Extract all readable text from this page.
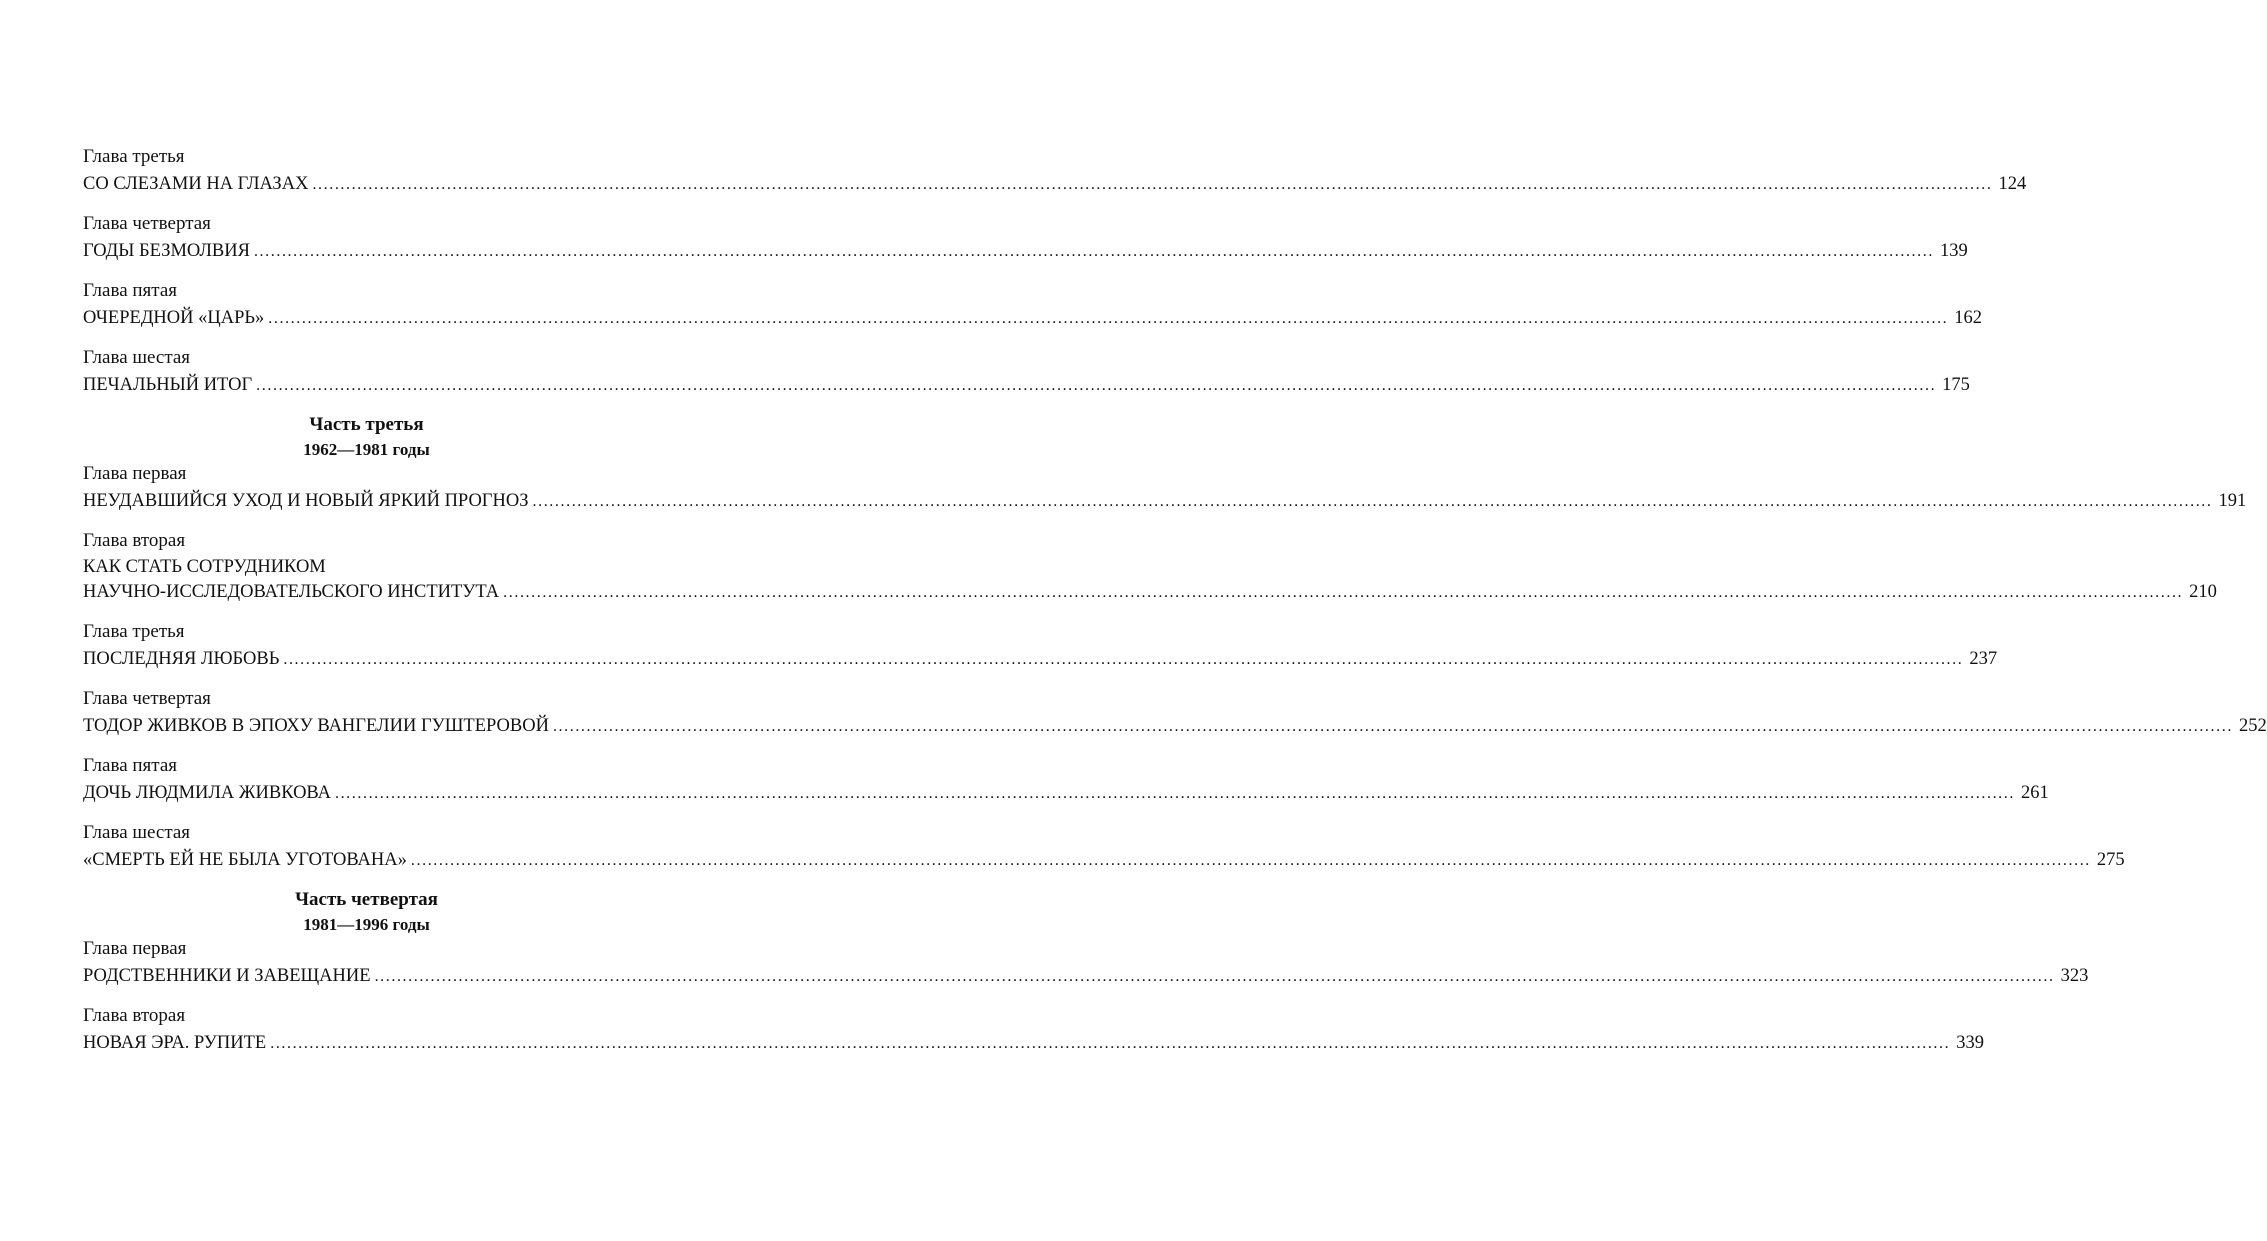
Глава третья
СО СЛЕЗАМИ НА ГЛАЗАХ ............................................................................................................................................................................................................................................................................................................ 124
Глава четвертая
ГОДЫ БЕЗМОЛВИЯ ............................................................................................................................................................................................................................................................................................................ 139
Глава пятая
ОЧЕРЕДНОЙ «ЦАРЬ» ............................................................................................................................................................................................................................................................................................................ 162
Глава шестая
ПЕЧАЛЬНЫЙ ИТОГ ............................................................................................................................................................................................................................................................................................................ 175
Часть третья
1962—1981 годы
Глава первая
НЕУДАВШИЙСЯ УХОД И НОВЫЙ ЯРКИЙ ПРОГНОЗ ............................................................................................................................................................................................................................................................................................................ 191
Глава вторая
КАК СТАТЬ СОТРУДНИКОМ
НАУЧНО-ИССЛЕДОВАТЕЛЬСКОГО ИНСТИТУТА ............................................................................................................................................................................................................................................................................................................ 210
Глава третья
ПОСЛЕДНЯЯ ЛЮБОВЬ ............................................................................................................................................................................................................................................................................................................ 237
Глава четвертая
ТОДОР ЖИВКОВ В ЭПОХУ ВАНГЕЛИИ ГУШТЕРОВОЙ ............................................................................................................................................................................................................................................................................................................ 252
Глава пятая
ДОЧЬ ЛЮДМИЛА ЖИВКОВА ............................................................................................................................................................................................................................................................................................................ 261
Глава шестая
«СМЕРТЬ ЕЙ НЕ БЫЛА УГОТОВАНА» ............................................................................................................................................................................................................................................................................................................ 275
Часть четвертая
1981—1996 годы
Глава первая
РОДСТВЕННИКИ И ЗАВЕЩАНИЕ ............................................................................................................................................................................................................................................................................................................ 323
Глава вторая
НОВАЯ ЭРА. РУПИТЕ ............................................................................................................................................................................................................................................................................................................ 339
